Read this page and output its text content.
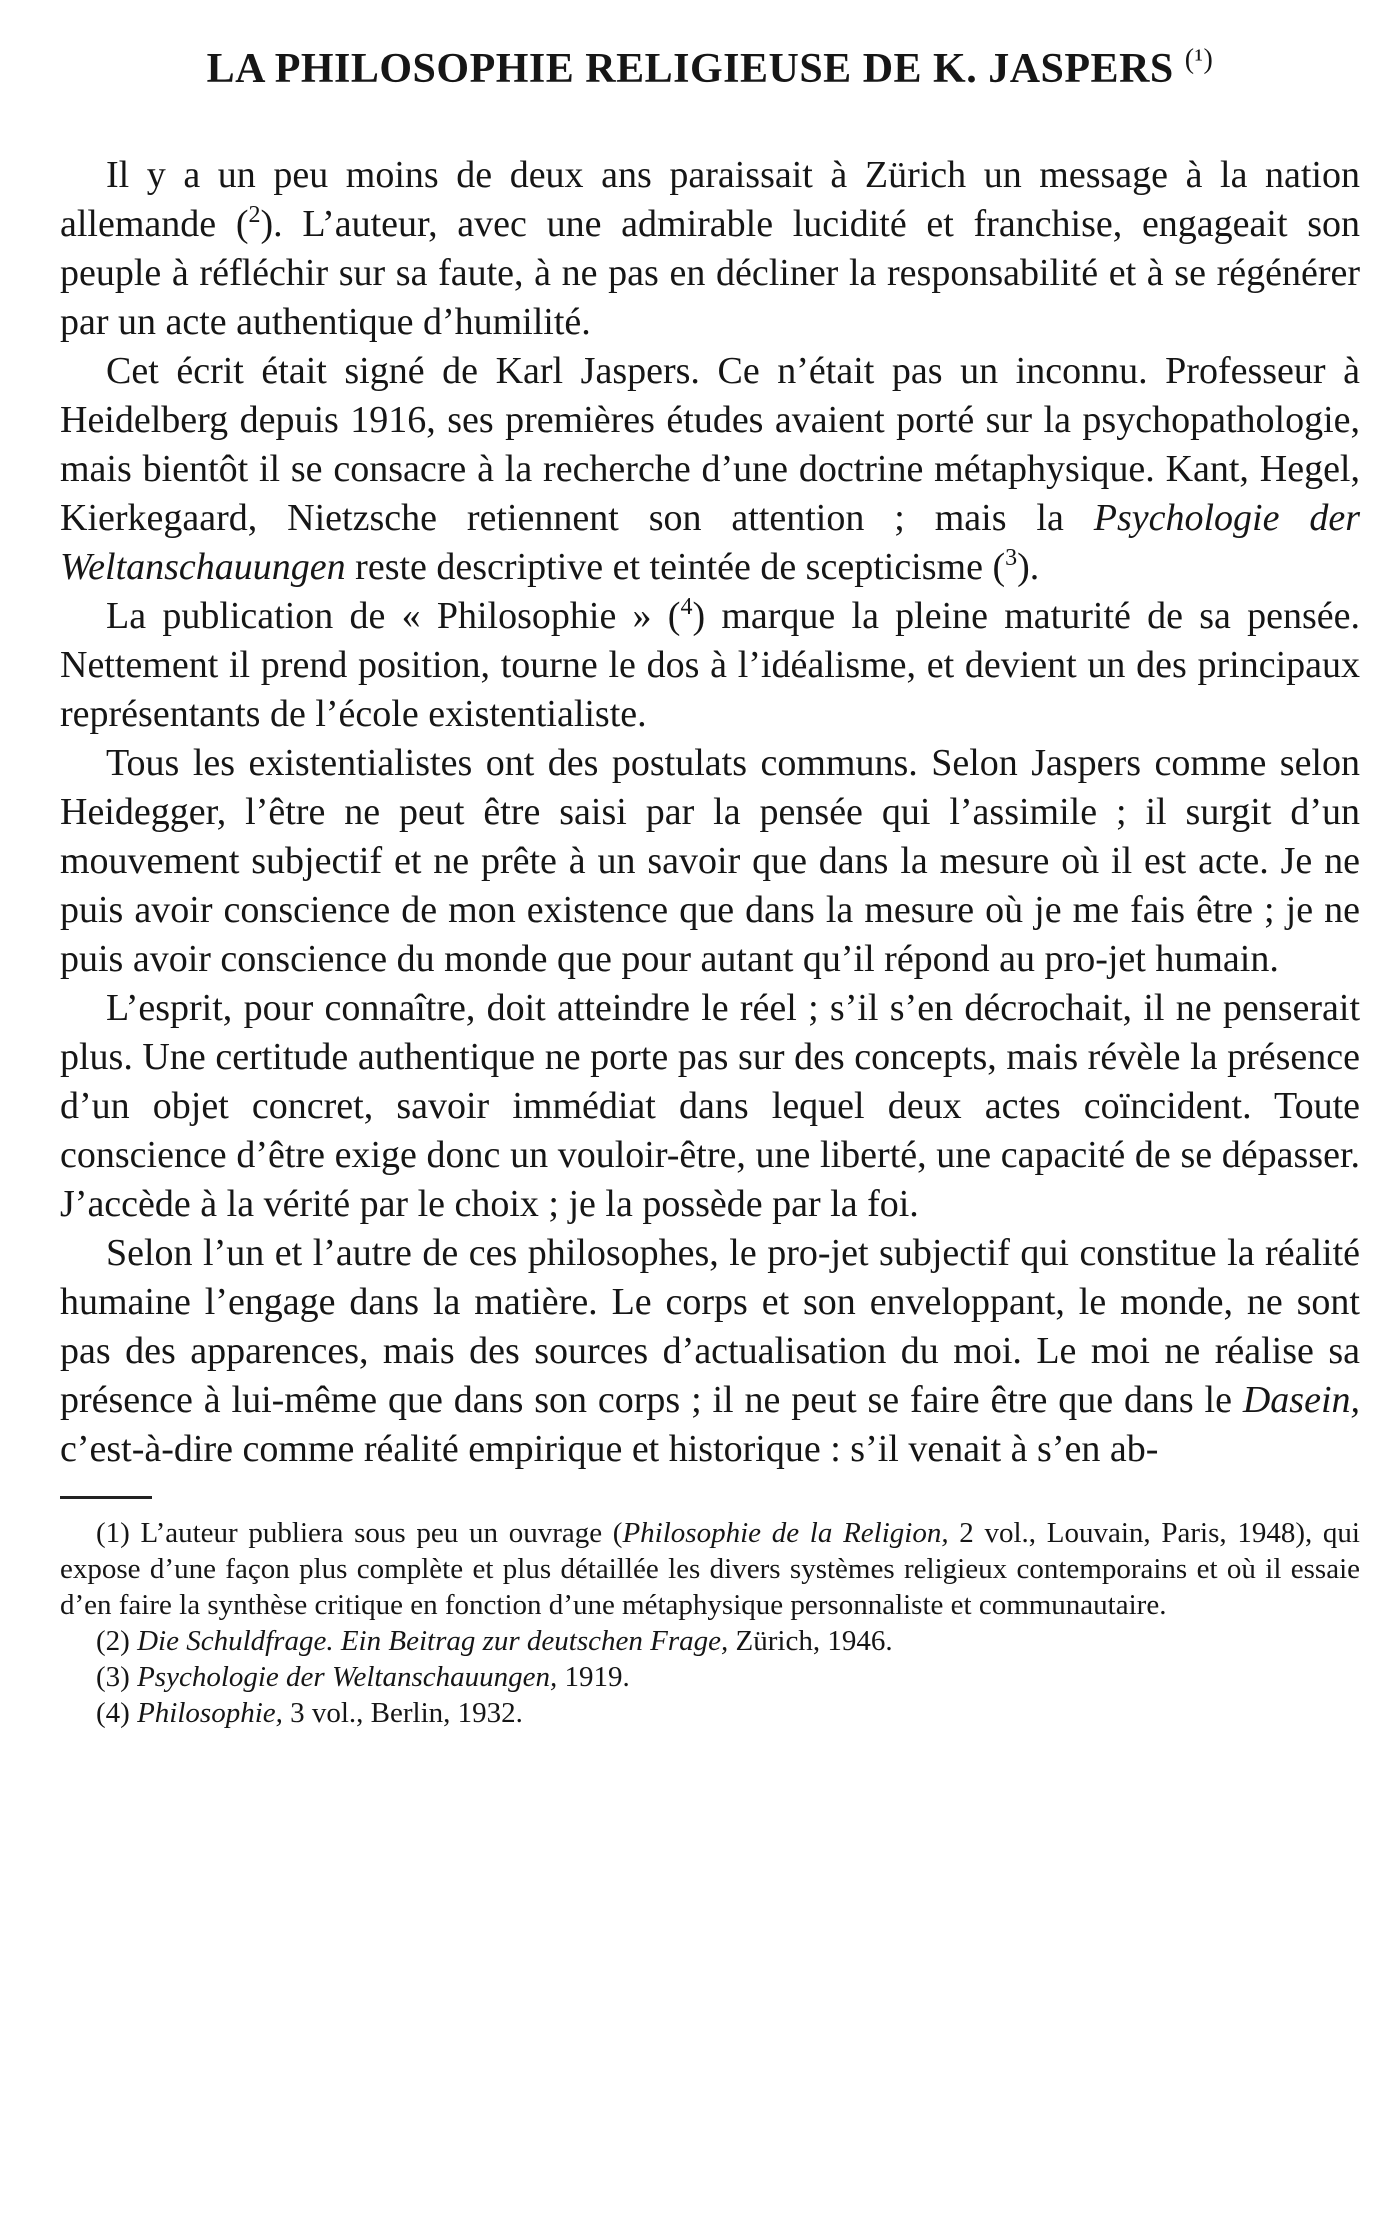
LA PHILOSOPHIE RELIGIEUSE DE K. JASPERS $^{(^1)}$

Il y a un peu moins de deux ans paraissait à Zürich un message à la nation allemande ($^2$). L’auteur, avec une admirable lucidité et franchise, engageait son peuple à réfléchir sur sa faute, à ne pas en décliner la responsabilité et à se régénérer par un acte authentique d’humilité.

Cet écrit était signé de Karl Jaspers. Ce n’était pas un inconnu. Professeur à Heidelberg depuis 1916, ses premières études avaient porté sur la psychopathologie, mais bientôt il se consacre à la recherche d’une doctrine métaphysique. Kant, Hegel, Kierkegaard, Nietzsche retiennent son attention ; mais la Psychologie der Weltanschauungen reste descriptive et teintée de scepticisme ($^3$).

La publication de « Philosophie » ($^4$) marque la pleine maturité de sa pensée. Nettement il prend position, tourne le dos à l’idéalisme, et devient un des principaux représentants de l’école existentialiste.

Tous les existentialistes ont des postulats communs. Selon Jaspers comme selon Heidegger, l’être ne peut être saisi par la pensée qui l’assimile ; il surgit d’un mouvement subjectif et ne prête à un savoir que dans la mesure où il est acte. Je ne puis avoir conscience de mon existence que dans la mesure où je me fais être ; je ne puis avoir conscience du monde que pour autant qu’il répond au pro-jet humain.

L’esprit, pour connaître, doit atteindre le réel ; s’il s’en décrochait, il ne penserait plus. Une certitude authentique ne porte pas sur des concepts, mais révèle la présence d’un objet concret, savoir immédiat dans lequel deux actes coïncident. Toute conscience d’être exige donc un vouloir-être, une liberté, une capacité de se dépasser. J’accède à la vérité par le choix ; je la possède par la foi.

Selon l’un et l’autre de ces philosophes, le pro-jet subjectif qui constitue la réalité humaine l’engage dans la matière. Le corps et son enveloppant, le monde, ne sont pas des apparences, mais des sources d’actualisation du moi. Le moi ne réalise sa présence à lui-même que dans son corps ; il ne peut se faire être que dans le Dasein, c’est-à-dire comme réalité empirique et historique : s’il venait à s’en ab-

(1) L’auteur publiera sous peu un ouvrage (Philosophie de la Religion, 2 vol., Louvain, Paris, 1948), qui expose d’une façon plus complète et plus détaillée les divers systèmes religieux contemporains et où il essaie d’en faire la synthèse critique en fonction d’une métaphysique personnaliste et communautaire.

(2) Die Schuldfrage. Ein Beitrag zur deutschen Frage, Zürich, 1946.

(3) Psychologie der Weltanschauungen, 1919.

(4) Philosophie, 3 vol., Berlin, 1932.
